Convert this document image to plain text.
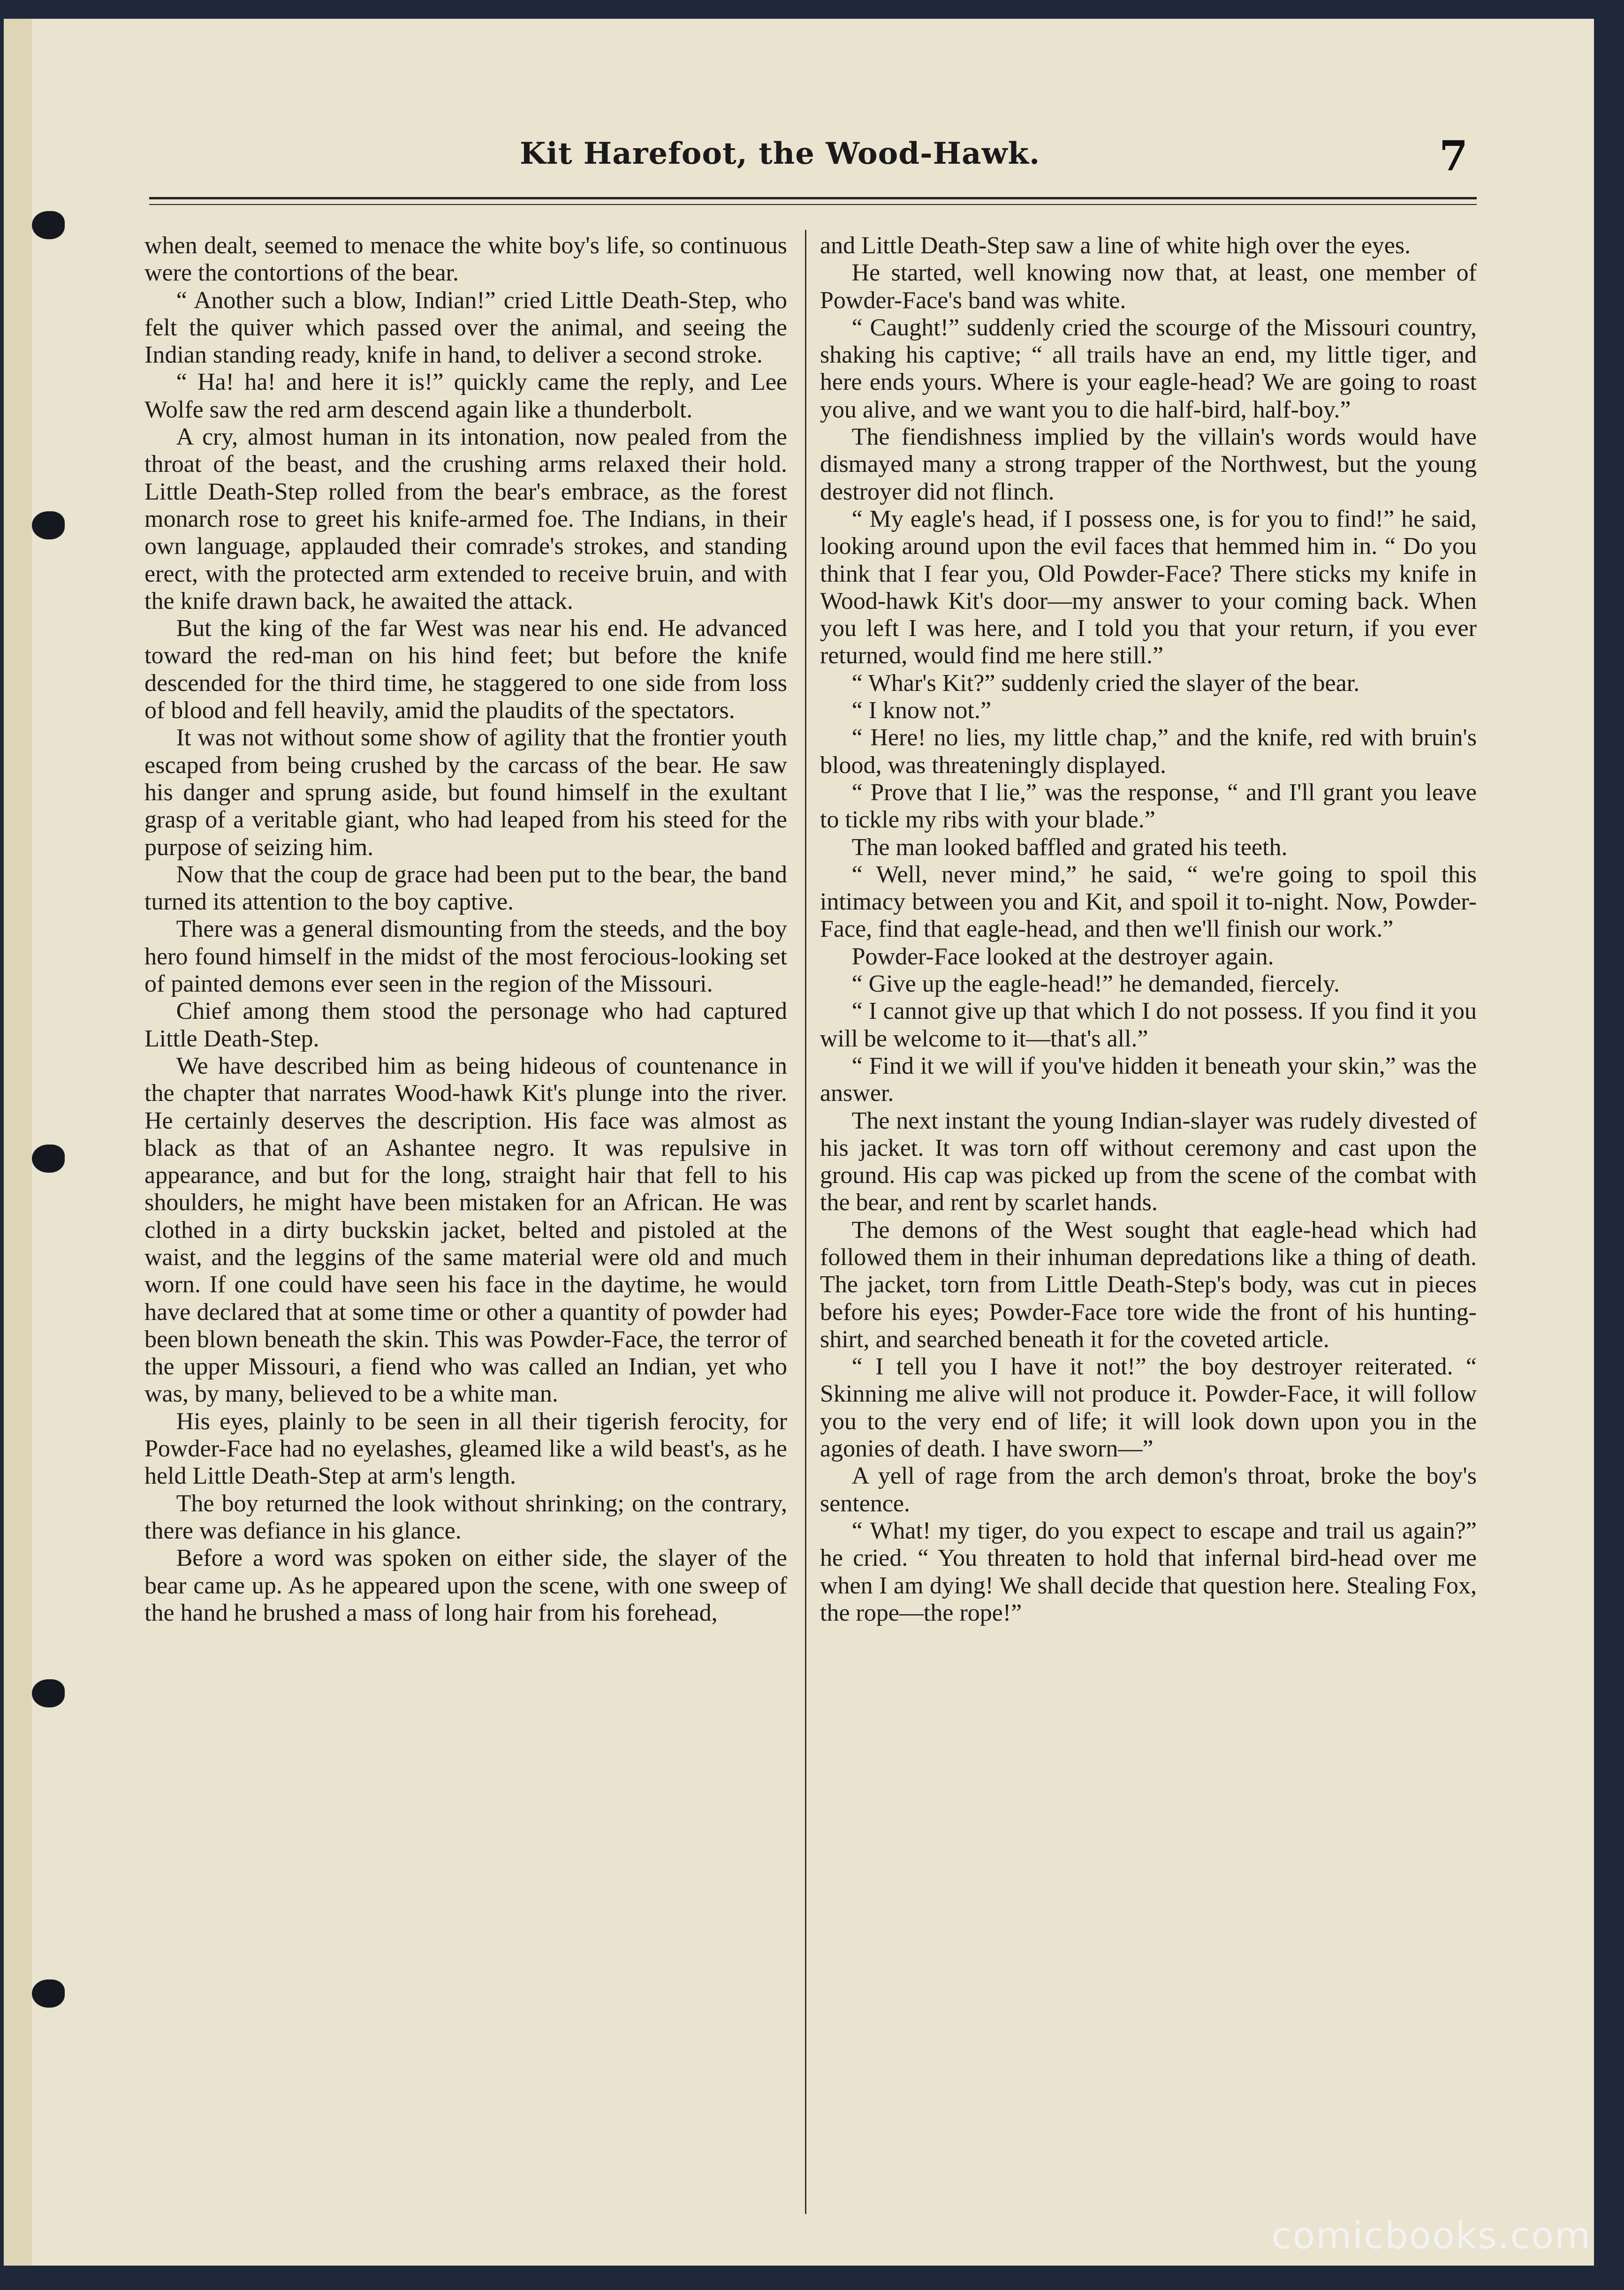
Kit Harefoot, the Wood-Hawk.	7

when dealt, seemed to menace the white boy's life, so continuous were the contortions of the bear.

“ Another such a blow, Indian!” cried Little Death-Step, who felt the quiver which passed over the animal, and seeing the Indian standing ready, knife in hand, to deliver a second stroke.

“ Ha! ha! and here it is!” quickly came the reply, and Lee Wolfe saw the red arm descend again like a thunderbolt.

A cry, almost human in its intonation, now pealed from the throat of the beast, and the crushing arms relaxed their hold. Little Death-Step rolled from the bear's embrace, as the forest monarch rose to greet his knife-armed foe. The Indians, in their own language, applauded their comrade's strokes, and standing erect, with the protected arm extended to receive bruin, and with the knife drawn back, he awaited the attack.

But the king of the far West was near his end. He advanced toward the red-man on his hind feet; but before the knife descended for the third time, he staggered to one side from loss of blood and fell heavily, amid the plaudits of the spectators.

It was not without some show of agility that the frontier youth escaped from being crushed by the carcass of the bear. He saw his danger and sprung aside, but found himself in the exultant grasp of a veritable giant, who had leaped from his steed for the purpose of seizing him.

Now that the coup de grace had been put to the bear, the band turned its attention to the boy captive.

There was a general dismounting from the steeds, and the boy hero found himself in the midst of the most ferocious-looking set of painted demons ever seen in the region of the Missouri.

Chief among them stood the personage who had captured Little Death-Step.

We have described him as being hideous of countenance in the chapter that narrates Wood-hawk Kit's plunge into the river. He certainly deserves the description. His face was almost as black as that of an Ashantee negro. It was repulsive in appearance, and but for the long, straight hair that fell to his shoulders, he might have been mistaken for an African. He was clothed in a dirty buckskin jacket, belted and pistoled at the waist, and the leggins of the same material were old and much worn. If one could have seen his face in the daytime, he would have declared that at some time or other a quantity of powder had been blown beneath the skin. This was Powder-Face, the terror of the upper Missouri, a fiend who was called an Indian, yet who was, by many, believed to be a white man.

His eyes, plainly to be seen in all their tigerish ferocity, for Powder-Face had no eyelashes, gleamed like a wild beast's, as he held Little Death-Step at arm's length.

The boy returned the look without shrinking; on the contrary, there was defiance in his glance.

Before a word was spoken on either side, the slayer of the bear came up. As he appeared upon the scene, with one sweep of the hand he brushed a mass of long hair from his forehead,

and Little Death-Step saw a line of white high over the eyes.

He started, well knowing now that, at least, one member of Powder-Face's band was white.

“ Caught!” suddenly cried the scourge of the Missouri country, shaking his captive; “ all trails have an end, my little tiger, and here ends yours. Where is your eagle-head? We are going to roast you alive, and we want you to die half-bird, half-boy.”

The fiendishness implied by the villain's words would have dismayed many a strong trapper of the Northwest, but the young destroyer did not flinch.

“ My eagle's head, if I possess one, is for you to find!” he said, looking around upon the evil faces that hemmed him in. “ Do you think that I fear you, Old Powder-Face? There sticks my knife in Wood-hawk Kit's door—my answer to your coming back. When you left I was here, and I told you that your return, if you ever returned, would find me here still.”

“ Whar's Kit?” suddenly cried the slayer of the bear.

“ I know not.”

“ Here! no lies, my little chap,” and the knife, red with bruin's blood, was threateningly displayed.

“ Prove that I lie,” was the response, “ and I'll grant you leave to tickle my ribs with your blade.”

The man looked baffled and grated his teeth.

“ Well, never mind,” he said, “ we're going to spoil this intimacy between you and Kit, and spoil it to-night. Now, Powder-Face, find that eagle-head, and then we'll finish our work.”

Powder-Face looked at the destroyer again.

“ Give up the eagle-head!” he demanded, fiercely.

“ I cannot give up that which I do not possess. If you find it you will be welcome to it—that's all.”

“ Find it we will if you've hidden it beneath your skin,” was the answer.

The next instant the young Indian-slayer was rudely divested of his jacket. It was torn off without ceremony and cast upon the ground. His cap was picked up from the scene of the combat with the bear, and rent by scarlet hands.

The demons of the West sought that eagle-head which had followed them in their inhuman depredations like a thing of death. The jacket, torn from Little Death-Step's body, was cut in pieces before his eyes; Powder-Face tore wide the front of his hunting-shirt, and searched beneath it for the coveted article.

“ I tell you I have it not!” the boy destroyer reiterated. “ Skinning me alive will not produce it. Powder-Face, it will follow you to the very end of life; it will look down upon you in the agonies of death. I have sworn—”

A yell of rage from the arch demon's throat, broke the boy's sentence.

“ What! my tiger, do you expect to escape and trail us again?” he cried. “ You threaten to hold that infernal bird-head over me when I am dying! We shall decide that question here. Stealing Fox, the rope—the rope!”

comicbooks.com
